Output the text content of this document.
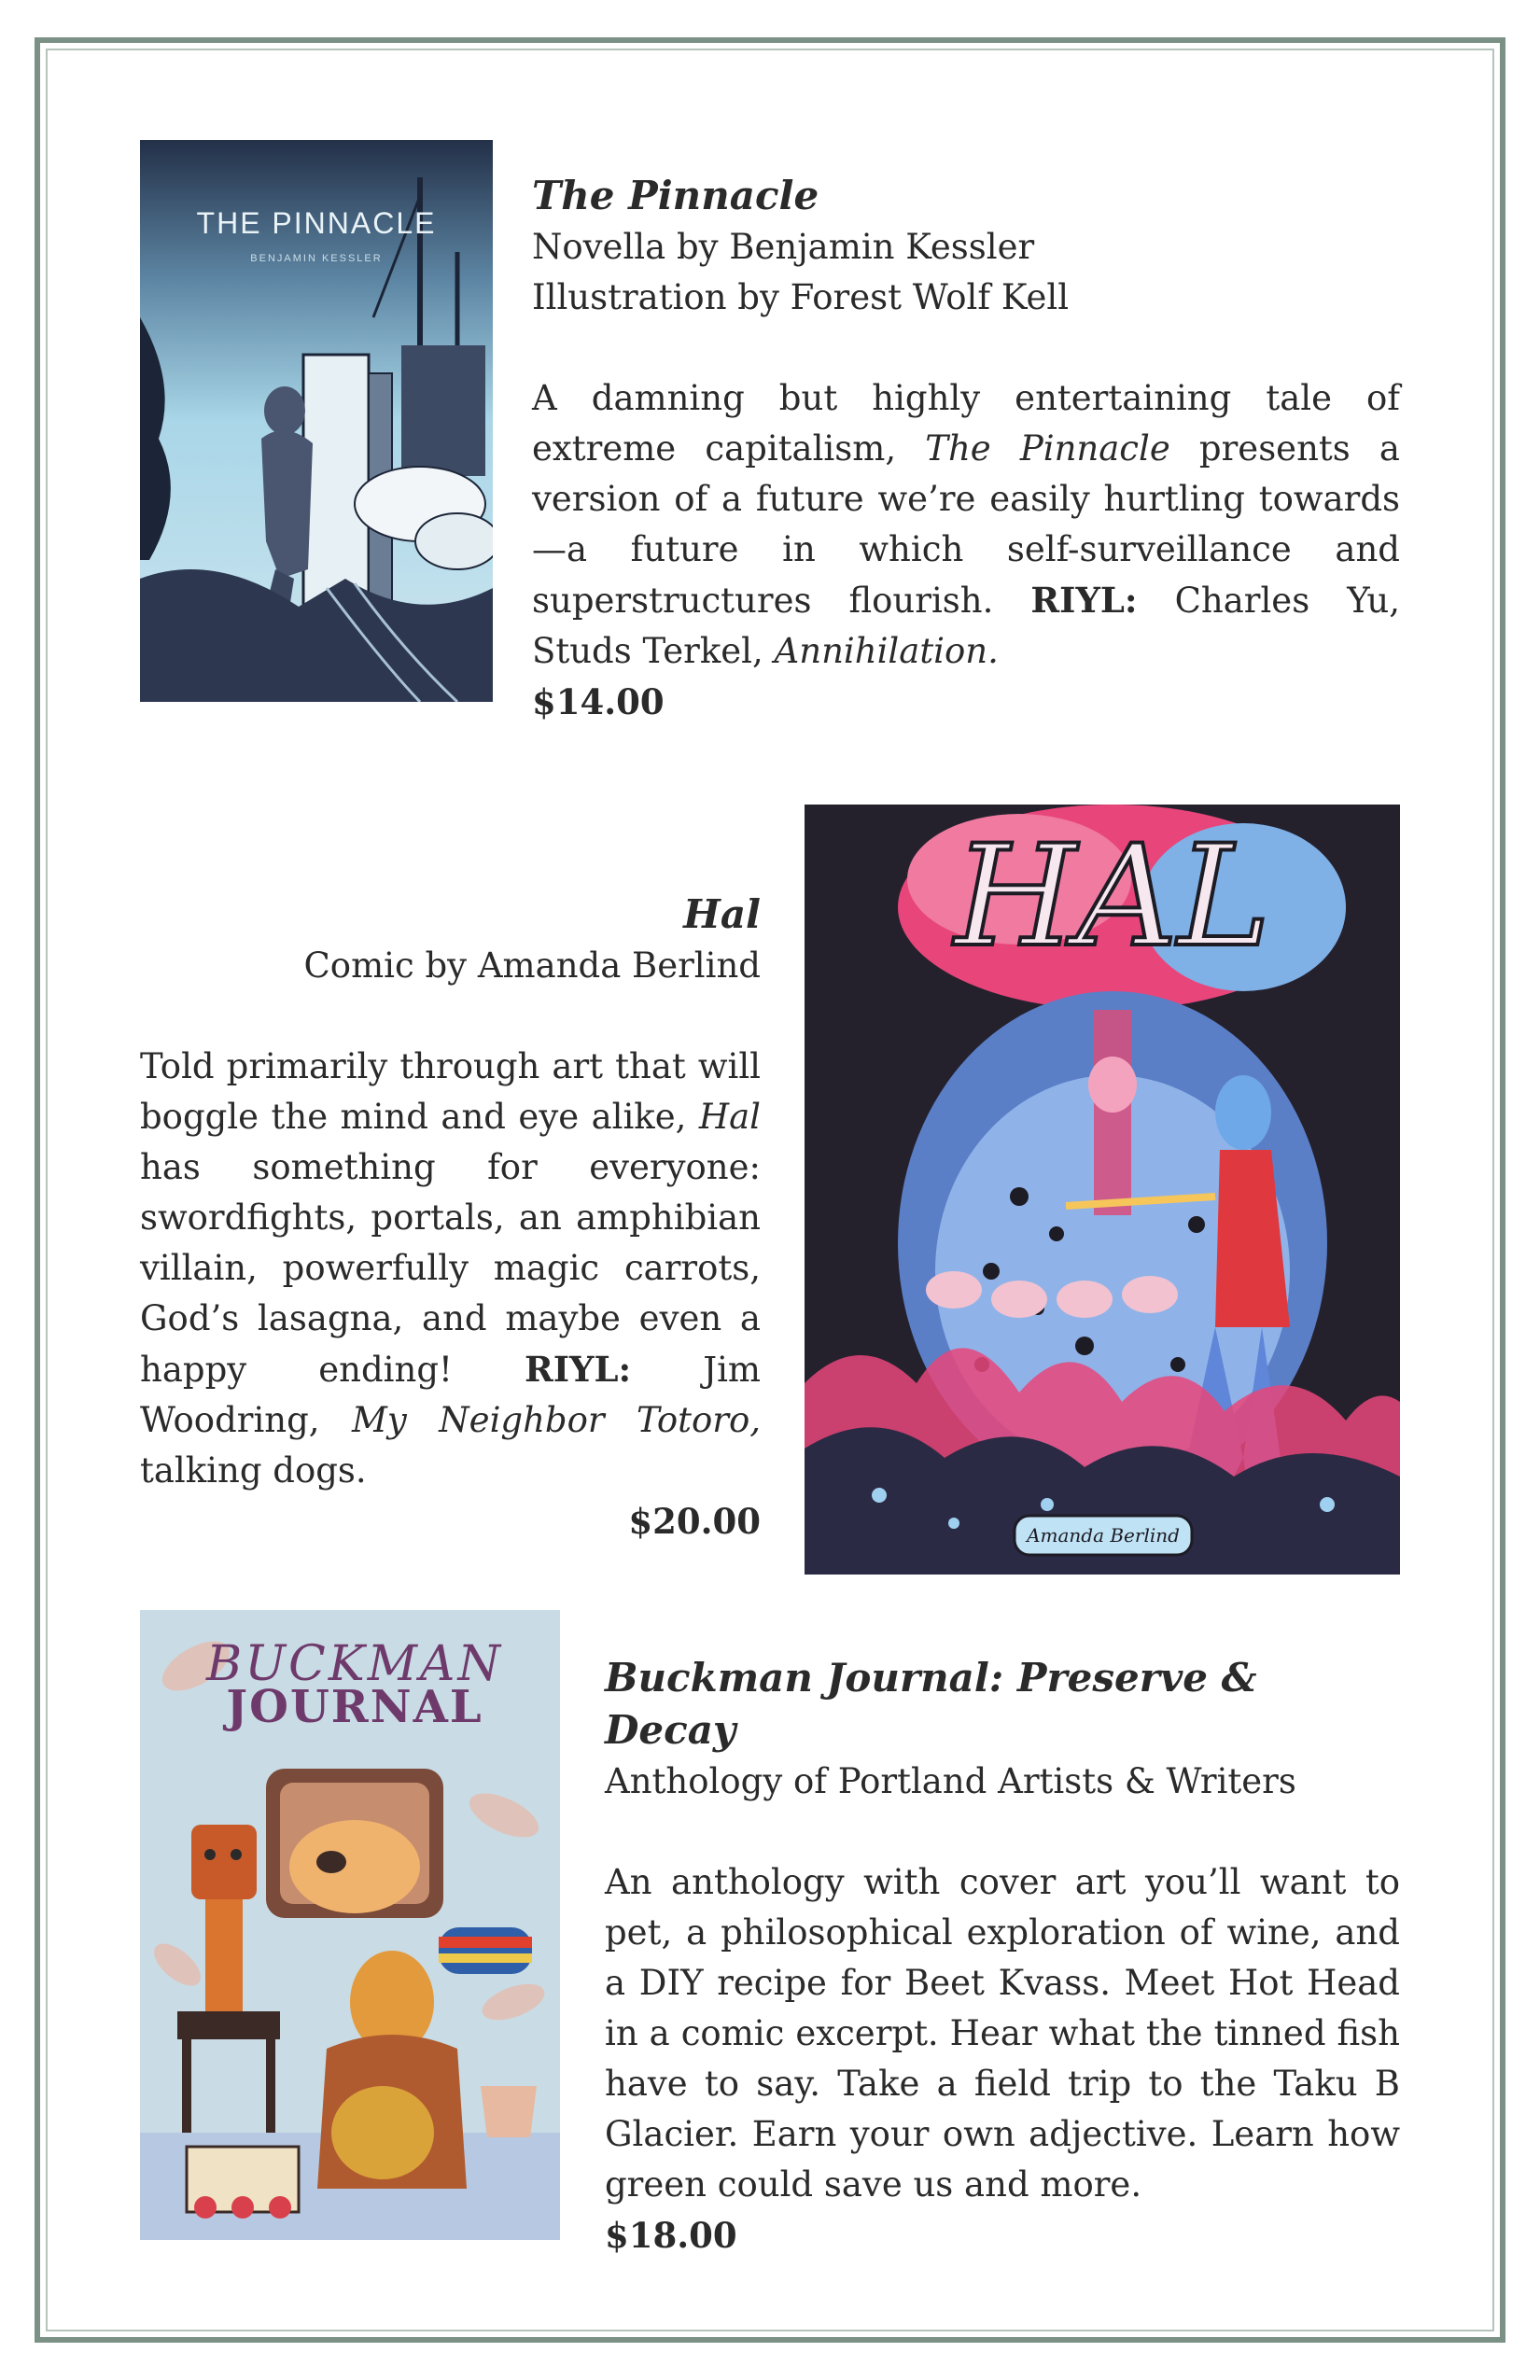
THE PINNACLE
BENJAMIN KESSLER
The Pinnacle
Novella by Benjamin Kessler
Illustration by Forest Wolf Kell
A damning but highly entertaining tale of extreme capitalism, The Pinnacle presents a version of a future we’re easily hurtling towards—a future in which self-surveillance and superstructures flourish. RIYL: Charles Yu, Studs Terkel, Annihilation.
$14.00
Hal
Comic by Amanda Berlind
Told primarily through art that will boggle the mind and eye alike, Hal has something for everyone: swordfights, portals, an amphibian villain, powerfully magic carrots, God’s lasagna, and maybe even a happy ending! RIYL: Jim Woodring, My Neighbor Totoro, talking dogs.
$20.00
HAL
Amanda Berlind
BUCKMAN
JOURNAL
Buckman Journal: Preserve & Decay
Anthology of Portland Artists & Writers
An anthology with cover art you’ll want to pet, a philosophical exploration of wine, and a DIY recipe for Beet Kvass. Meet Hot Head in a comic excerpt. Hear what the tinned fish have to say. Take a field trip to the Taku B Glacier. Earn your own adjective. Learn how green could save us and more.
$18.00
